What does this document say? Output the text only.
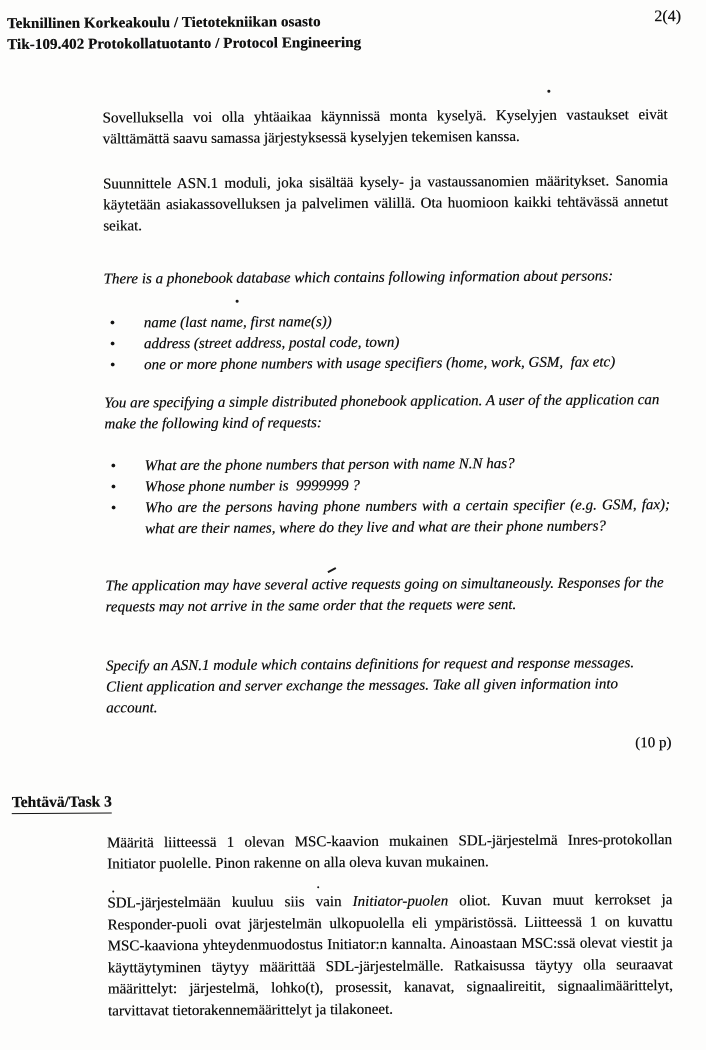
Teknillinen Korkeakoulu / Tietotekniikan osasto
Tik-109.402 Protokollatuotanto / Protocol Engineering
2(4)

Sovelluksella voi olla yhtäaikaa käynnissä monta kyselyä. Kyselyjen vastaukset eivät välttämättä saavu samassa järjestyksessä kyselyjen tekemisen kanssa.

Suunnittele ASN.1 moduli, joka sisältää kysely- ja vastaussanomien määritykset. Sanomia käytetään asiakassovelluksen ja palvelimen välillä. Ota huomioon kaikki tehtävässä annetut seikat.

There is a phonebook database which contains following information about persons:

•	name (last name, first name(s))
•	address (street address, postal code, town)
•	one or more phone numbers with usage specifiers (home, work, GSM,  fax etc)

You are specifying a simple distributed phonebook application. A user of the application can make the following kind of requests:

•	What are the phone numbers that person with name N.N has?
•	Whose phone number is  9999999 ?
•	Who are the persons having phone numbers with a certain specifier (e.g. GSM, fax); what are their names, where do they live and what are their phone numbers?

The application may have several active requests going on simultaneously. Responses for the requests may not arrive in the same order that the requets were sent.

Specify an ASN.1 module which contains definitions for request and response messages. Client application and server exchange the messages. Take all given information into account.

(10 p)

Tehtävä/Task 3

Määritä liitteessä 1 olevan MSC-kaavion mukainen SDL-järjestelmä Inres-protokollan Initiator puolelle. Pinon rakenne on alla oleva kuvan mukainen.

SDL-järjestelmään kuuluu siis vain Initiator-puolen oliot. Kuvan muut kerrokset ja Responder-puoli ovat järjestelmän ulkopuolella eli ympäristössä. Liitteessä 1 on kuvattu MSC-kaaviona yhteydenmuodostus Initiator:n kannalta. Ainoastaan MSC:ssä olevat viestit ja käyttäytyminen täytyy määrittää SDL-järjestelmälle. Ratkaisussa täytyy olla seuraavat määrittelyt: järjestelmä, lohko(t), prosessit, kanavat, signaalireitit, signaalimäärittelyt, tarvittavat tietorakennemäärittelyt ja tilakoneet.
